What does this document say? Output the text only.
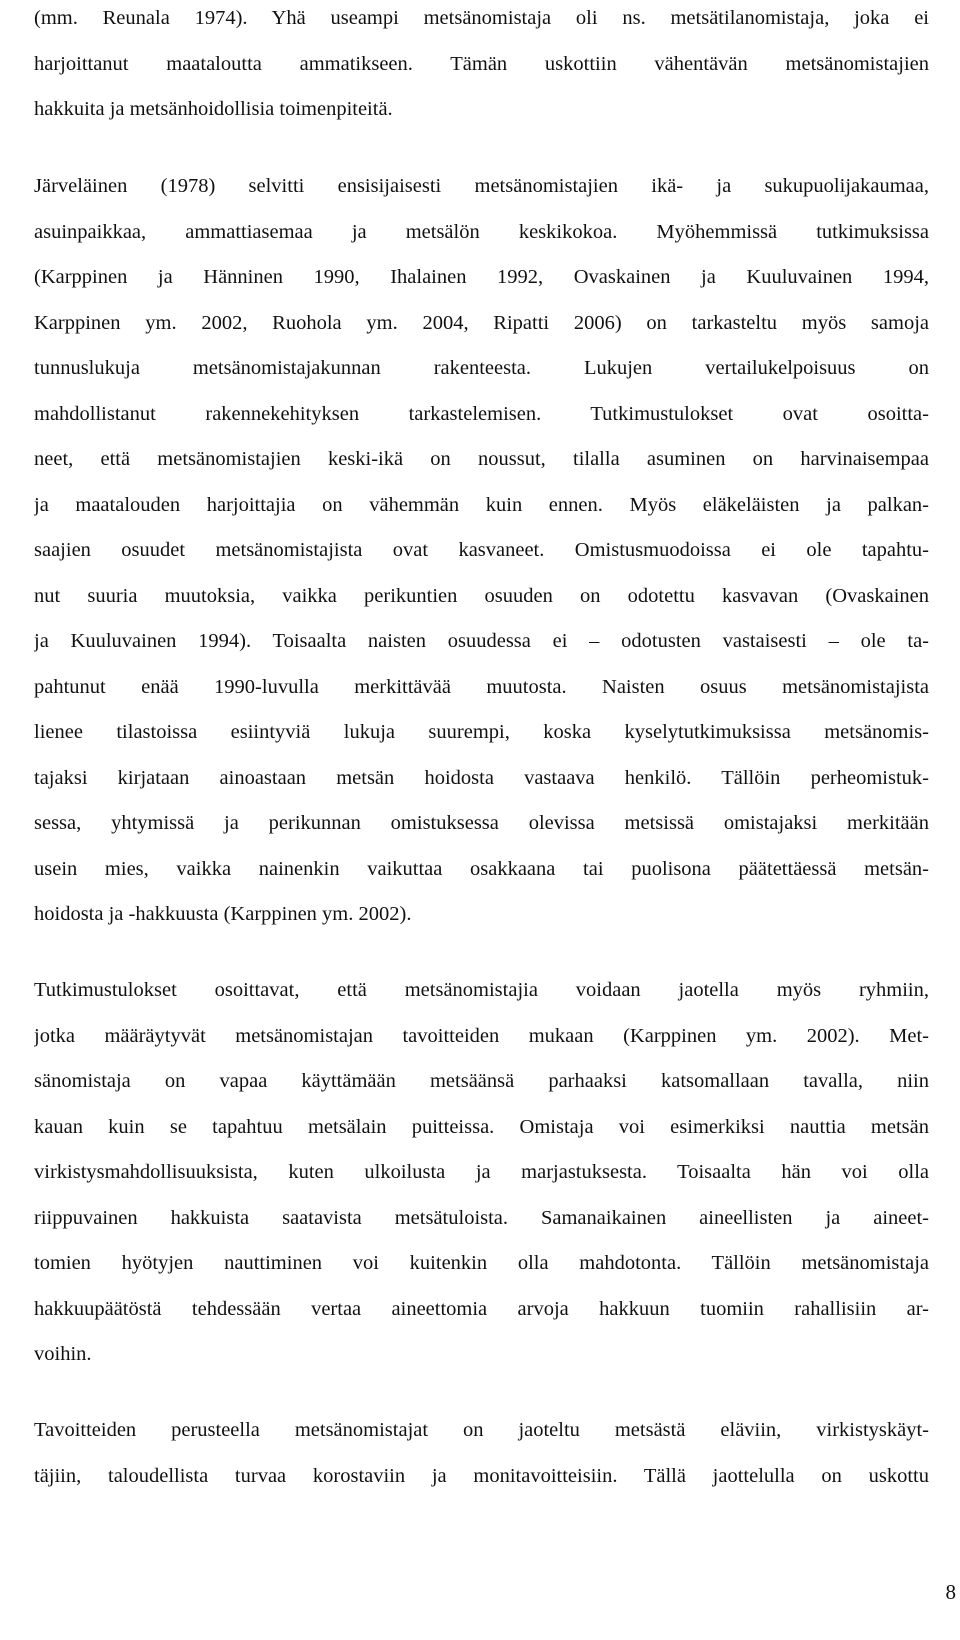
(mm. Reunala 1974). Yhä useampi metsänomistaja oli ns. metsätilanomistaja, joka ei
harjoittanut maataloutta ammatikseen. Tämän uskottiin vähentävän metsänomistajien
hakkuita ja metsänhoidollisia toimenpiteitä.
Järveläinen (1978) selvitti ensisijaisesti metsänomistajien ikä- ja sukupuolijakaumaa,
asuinpaikkaa, ammattiasemaa ja metsälön keskikokoa. Myöhemmissä tutkimuksissa
(Karppinen ja Hänninen 1990, Ihalainen 1992, Ovaskainen ja Kuuluvainen 1994,
Karppinen ym. 2002, Ruohola ym. 2004, Ripatti 2006) on tarkasteltu myös samoja
tunnuslukuja metsänomistajakunnan rakenteesta. Lukujen vertailukelpoisuus on
mahdollistanut rakennekehityksen tarkastelemisen. Tutkimustulokset ovat osoitta-
neet, että metsänomistajien keski-ikä on noussut, tilalla asuminen on harvinaisempaa
ja maatalouden harjoittajia on vähemmän kuin ennen. Myös eläkeläisten ja palkan-
saajien osuudet metsänomistajista ovat kasvaneet. Omistusmuodoissa ei ole tapahtu-
nut suuria muutoksia, vaikka perikuntien osuuden on odotettu kasvavan (Ovaskainen
ja Kuuluvainen 1994). Toisaalta naisten osuudessa ei – odotusten vastaisesti – ole ta-
pahtunut enää 1990-luvulla merkittävää muutosta. Naisten osuus metsänomistajista
lienee tilastoissa esiintyviä lukuja suurempi, koska kyselytutkimuksissa metsänomis-
tajaksi kirjataan ainoastaan metsän hoidosta vastaava henkilö. Tällöin perheomistuk-
sessa, yhtymissä ja perikunnan omistuksessa olevissa metsissä omistajaksi merkitään
usein mies, vaikka nainenkin vaikuttaa osakkaana tai puolisona päätettäessä metsän-
hoidosta ja -hakkuusta (Karppinen ym. 2002).
Tutkimustulokset osoittavat, että metsänomistajia voidaan jaotella myös ryhmiin,
jotka määräytyvät metsänomistajan tavoitteiden mukaan (Karppinen ym. 2002). Met-
sänomistaja on vapaa käyttämään metsäänsä parhaaksi katsomallaan tavalla, niin
kauan kuin se tapahtuu metsälain puitteissa. Omistaja voi esimerkiksi nauttia metsän
virkistysmahdollisuuksista, kuten ulkoilusta ja marjastuksesta. Toisaalta hän voi olla
riippuvainen hakkuista saatavista metsätuloista. Samanaikainen aineellisten ja aineet-
tomien hyötyjen nauttiminen voi kuitenkin olla mahdotonta. Tällöin metsänomistaja
hakkuupäätöstä tehdessään vertaa aineettomia arvoja hakkuun tuomiin rahallisiin ar-
voihin.
Tavoitteiden perusteella metsänomistajat on jaoteltu metsästä eläviin, virkistyskäyt-
täjiin, taloudellista turvaa korostaviin ja monitavoitteisiin. Tällä jaottelulla on uskottu

8
